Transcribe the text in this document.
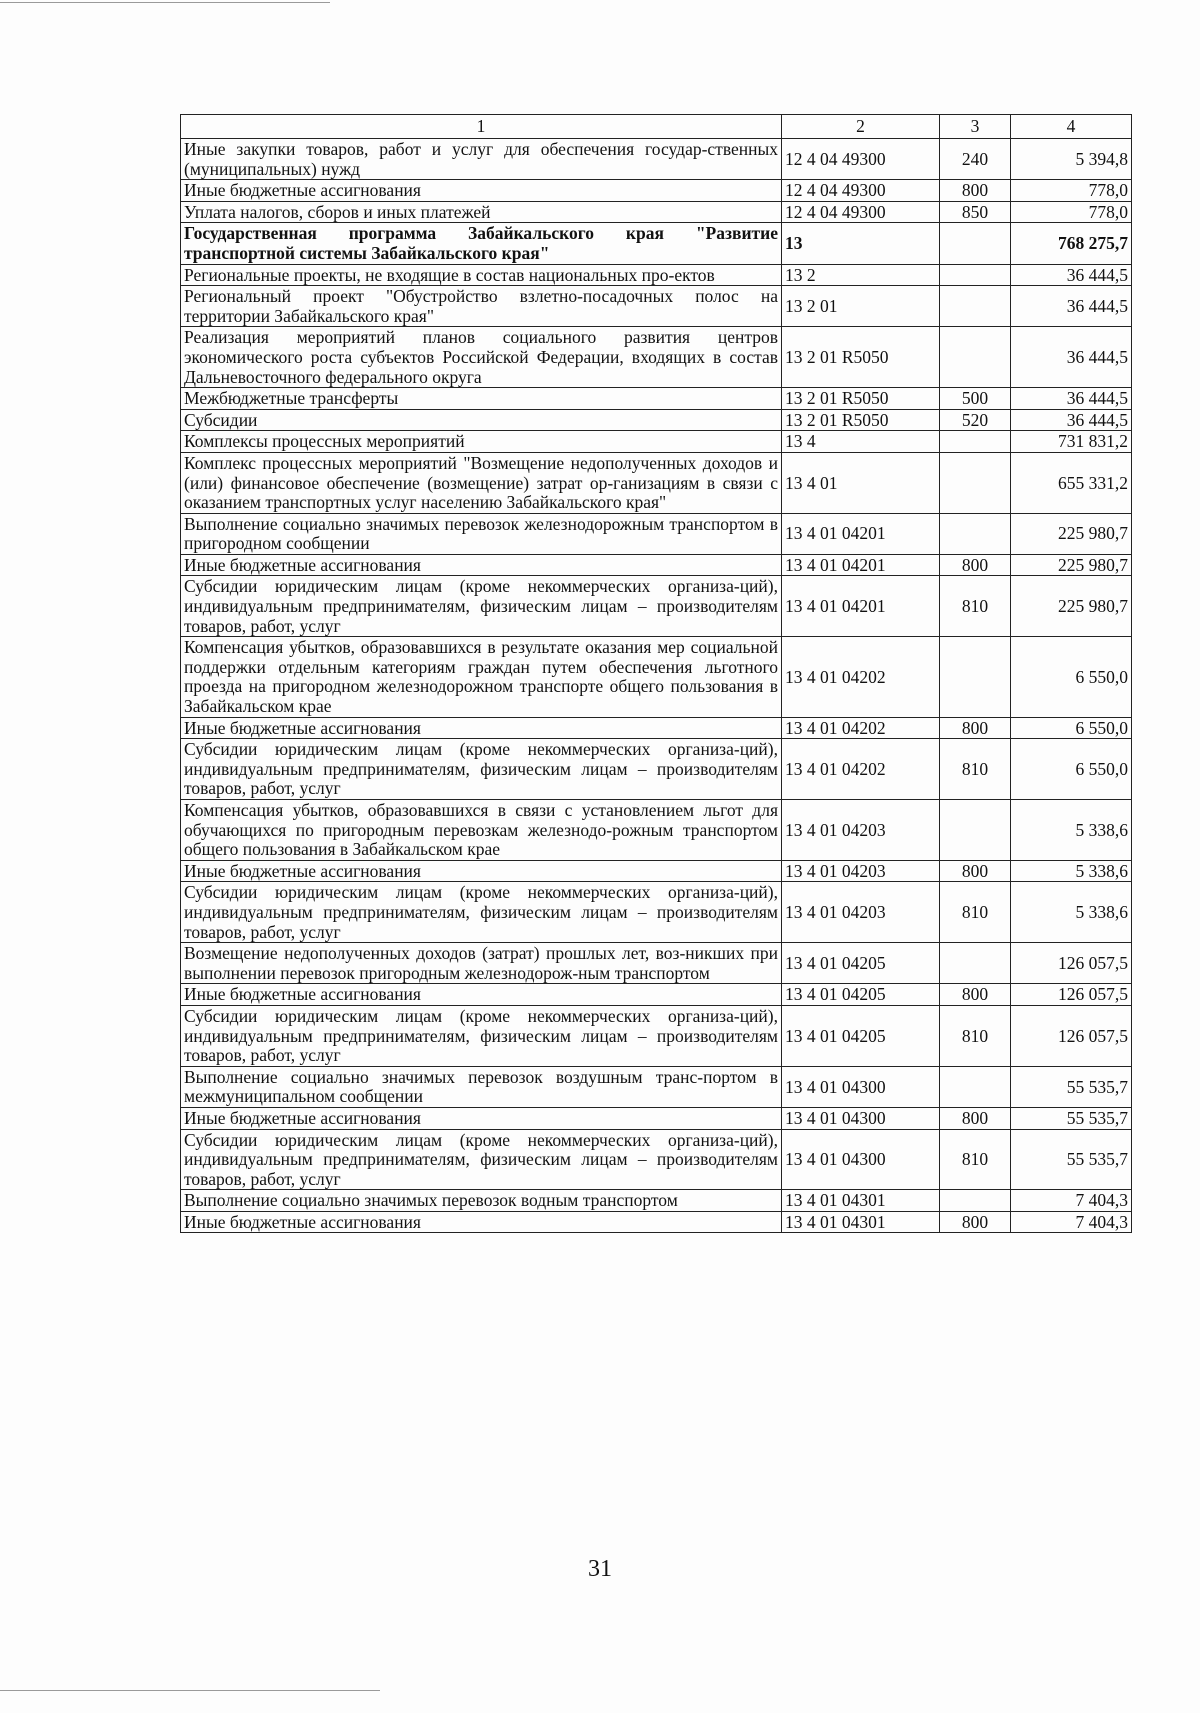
1	2	3	4
Иные закупки товаров, работ и услуг для обеспечения государ-ственных (муниципальных) нужд	12 4 04 49300	240	5 394,8
Иные бюджетные ассигнования	12 4 04 49300	800	778,0
Уплата налогов, сборов и иных платежей	12 4 04 49300	850	778,0
Государственная программа Забайкальского края "Развитие транспортной системы Забайкальского края"	13		768 275,7
Региональные проекты, не входящие в состав национальных про-ектов	13 2		36 444,5
Региональный проект "Обустройство взлетно-посадочных полос на территории Забайкальского края"	13 2 01		36 444,5
Реализация мероприятий планов социального развития центров экономического роста субъектов Российской Федерации, входящих в состав Дальневосточного федерального округа	13 2 01 R5050		36 444,5
Межбюджетные трансферты	13 2 01 R5050	500	36 444,5
Субсидии	13 2 01 R5050	520	36 444,5
Комплексы процессных мероприятий	13 4		731 831,2
Комплекс процессных мероприятий "Возмещение недополученных доходов и (или) финансовое обеспечение (возмещение) затрат ор-ганизациям в связи с оказанием транспортных услуг населению Забайкальского края"	13 4 01		655 331,2
Выполнение социально значимых перевозок железнодорожным транспортом в пригородном сообщении	13 4 01 04201		225 980,7
Иные бюджетные ассигнования	13 4 01 04201	800	225 980,7
Субсидии юридическим лицам (кроме некоммерческих организа-ций), индивидуальным предпринимателям, физическим лицам – производителям товаров, работ, услуг	13 4 01 04201	810	225 980,7
Компенсация убытков, образовавшихся в результате оказания мер социальной поддержки отдельным категориям граждан путем обеспечения льготного проезда на пригородном железнодорожном транспорте общего пользования в Забайкальском крае	13 4 01 04202		6 550,0
Иные бюджетные ассигнования	13 4 01 04202	800	6 550,0
Субсидии юридическим лицам (кроме некоммерческих организа-ций), индивидуальным предпринимателям, физическим лицам – производителям товаров, работ, услуг	13 4 01 04202	810	6 550,0
Компенсация убытков, образовавшихся в связи с установлением льгот для обучающихся по пригородным перевозкам железнодо-рожным транспортом общего пользования в Забайкальском крае	13 4 01 04203		5 338,6
Иные бюджетные ассигнования	13 4 01 04203	800	5 338,6
Субсидии юридическим лицам (кроме некоммерческих организа-ций), индивидуальным предпринимателям, физическим лицам – производителям товаров, работ, услуг	13 4 01 04203	810	5 338,6
Возмещение недополученных доходов (затрат) прошлых лет, воз-никших при выполнении перевозок пригородным железнодорож-ным транспортом	13 4 01 04205		126 057,5
Иные бюджетные ассигнования	13 4 01 04205	800	126 057,5
Субсидии юридическим лицам (кроме некоммерческих организа-ций), индивидуальным предпринимателям, физическим лицам – производителям товаров, работ, услуг	13 4 01 04205	810	126 057,5
Выполнение социально значимых перевозок воздушным транс-портом в межмуниципальном сообщении	13 4 01 04300		55 535,7
Иные бюджетные ассигнования	13 4 01 04300	800	55 535,7
Субсидии юридическим лицам (кроме некоммерческих организа-ций), индивидуальным предпринимателям, физическим лицам – производителям товаров, работ, услуг	13 4 01 04300	810	55 535,7
Выполнение социально значимых перевозок водным транспортом	13 4 01 04301		7 404,3
Иные бюджетные ассигнования	13 4 01 04301	800	7 404,3
31
